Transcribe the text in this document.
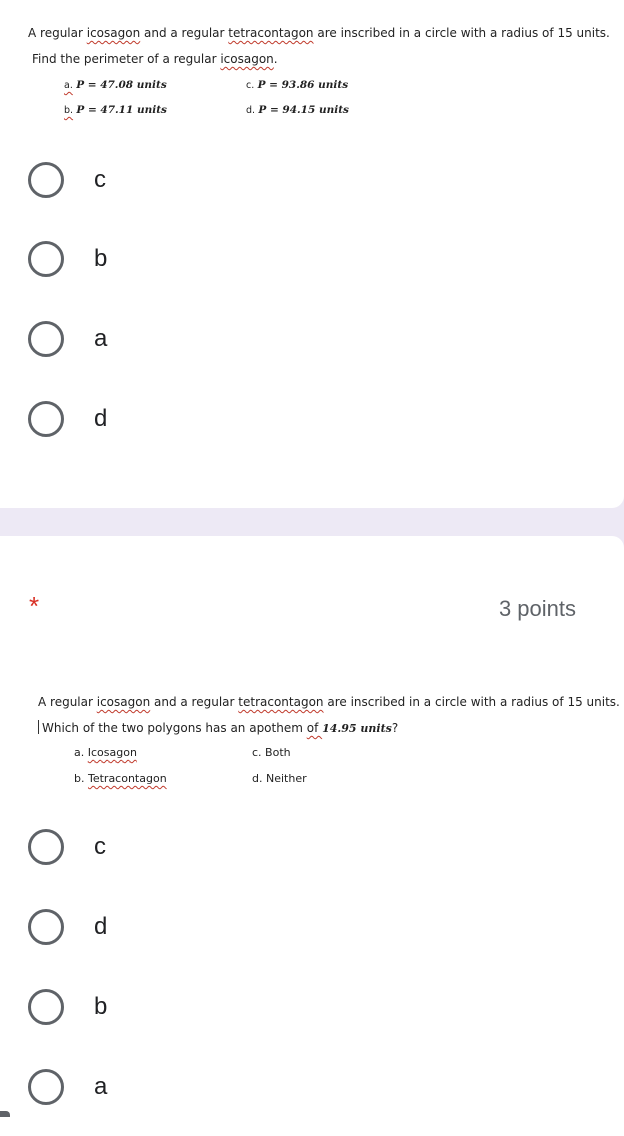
A regular icosagon and a regular tetracontagon are inscribed in a circle with a radius of 15 units.
Find the perimeter of a regular icosagon.
a. P = 47.08 units	c. P = 93.86 units
b. P = 47.11 units	d. P = 94.15 units
c
b
a
d
*	3 points
A regular icosagon and a regular tetracontagon are inscribed in a circle with a radius of 15 units.
Which of the two polygons has an apothem of 14.95 units?
a. Icosagon	c. Both
b. Tetracontagon	d. Neither
c
d
b
a
